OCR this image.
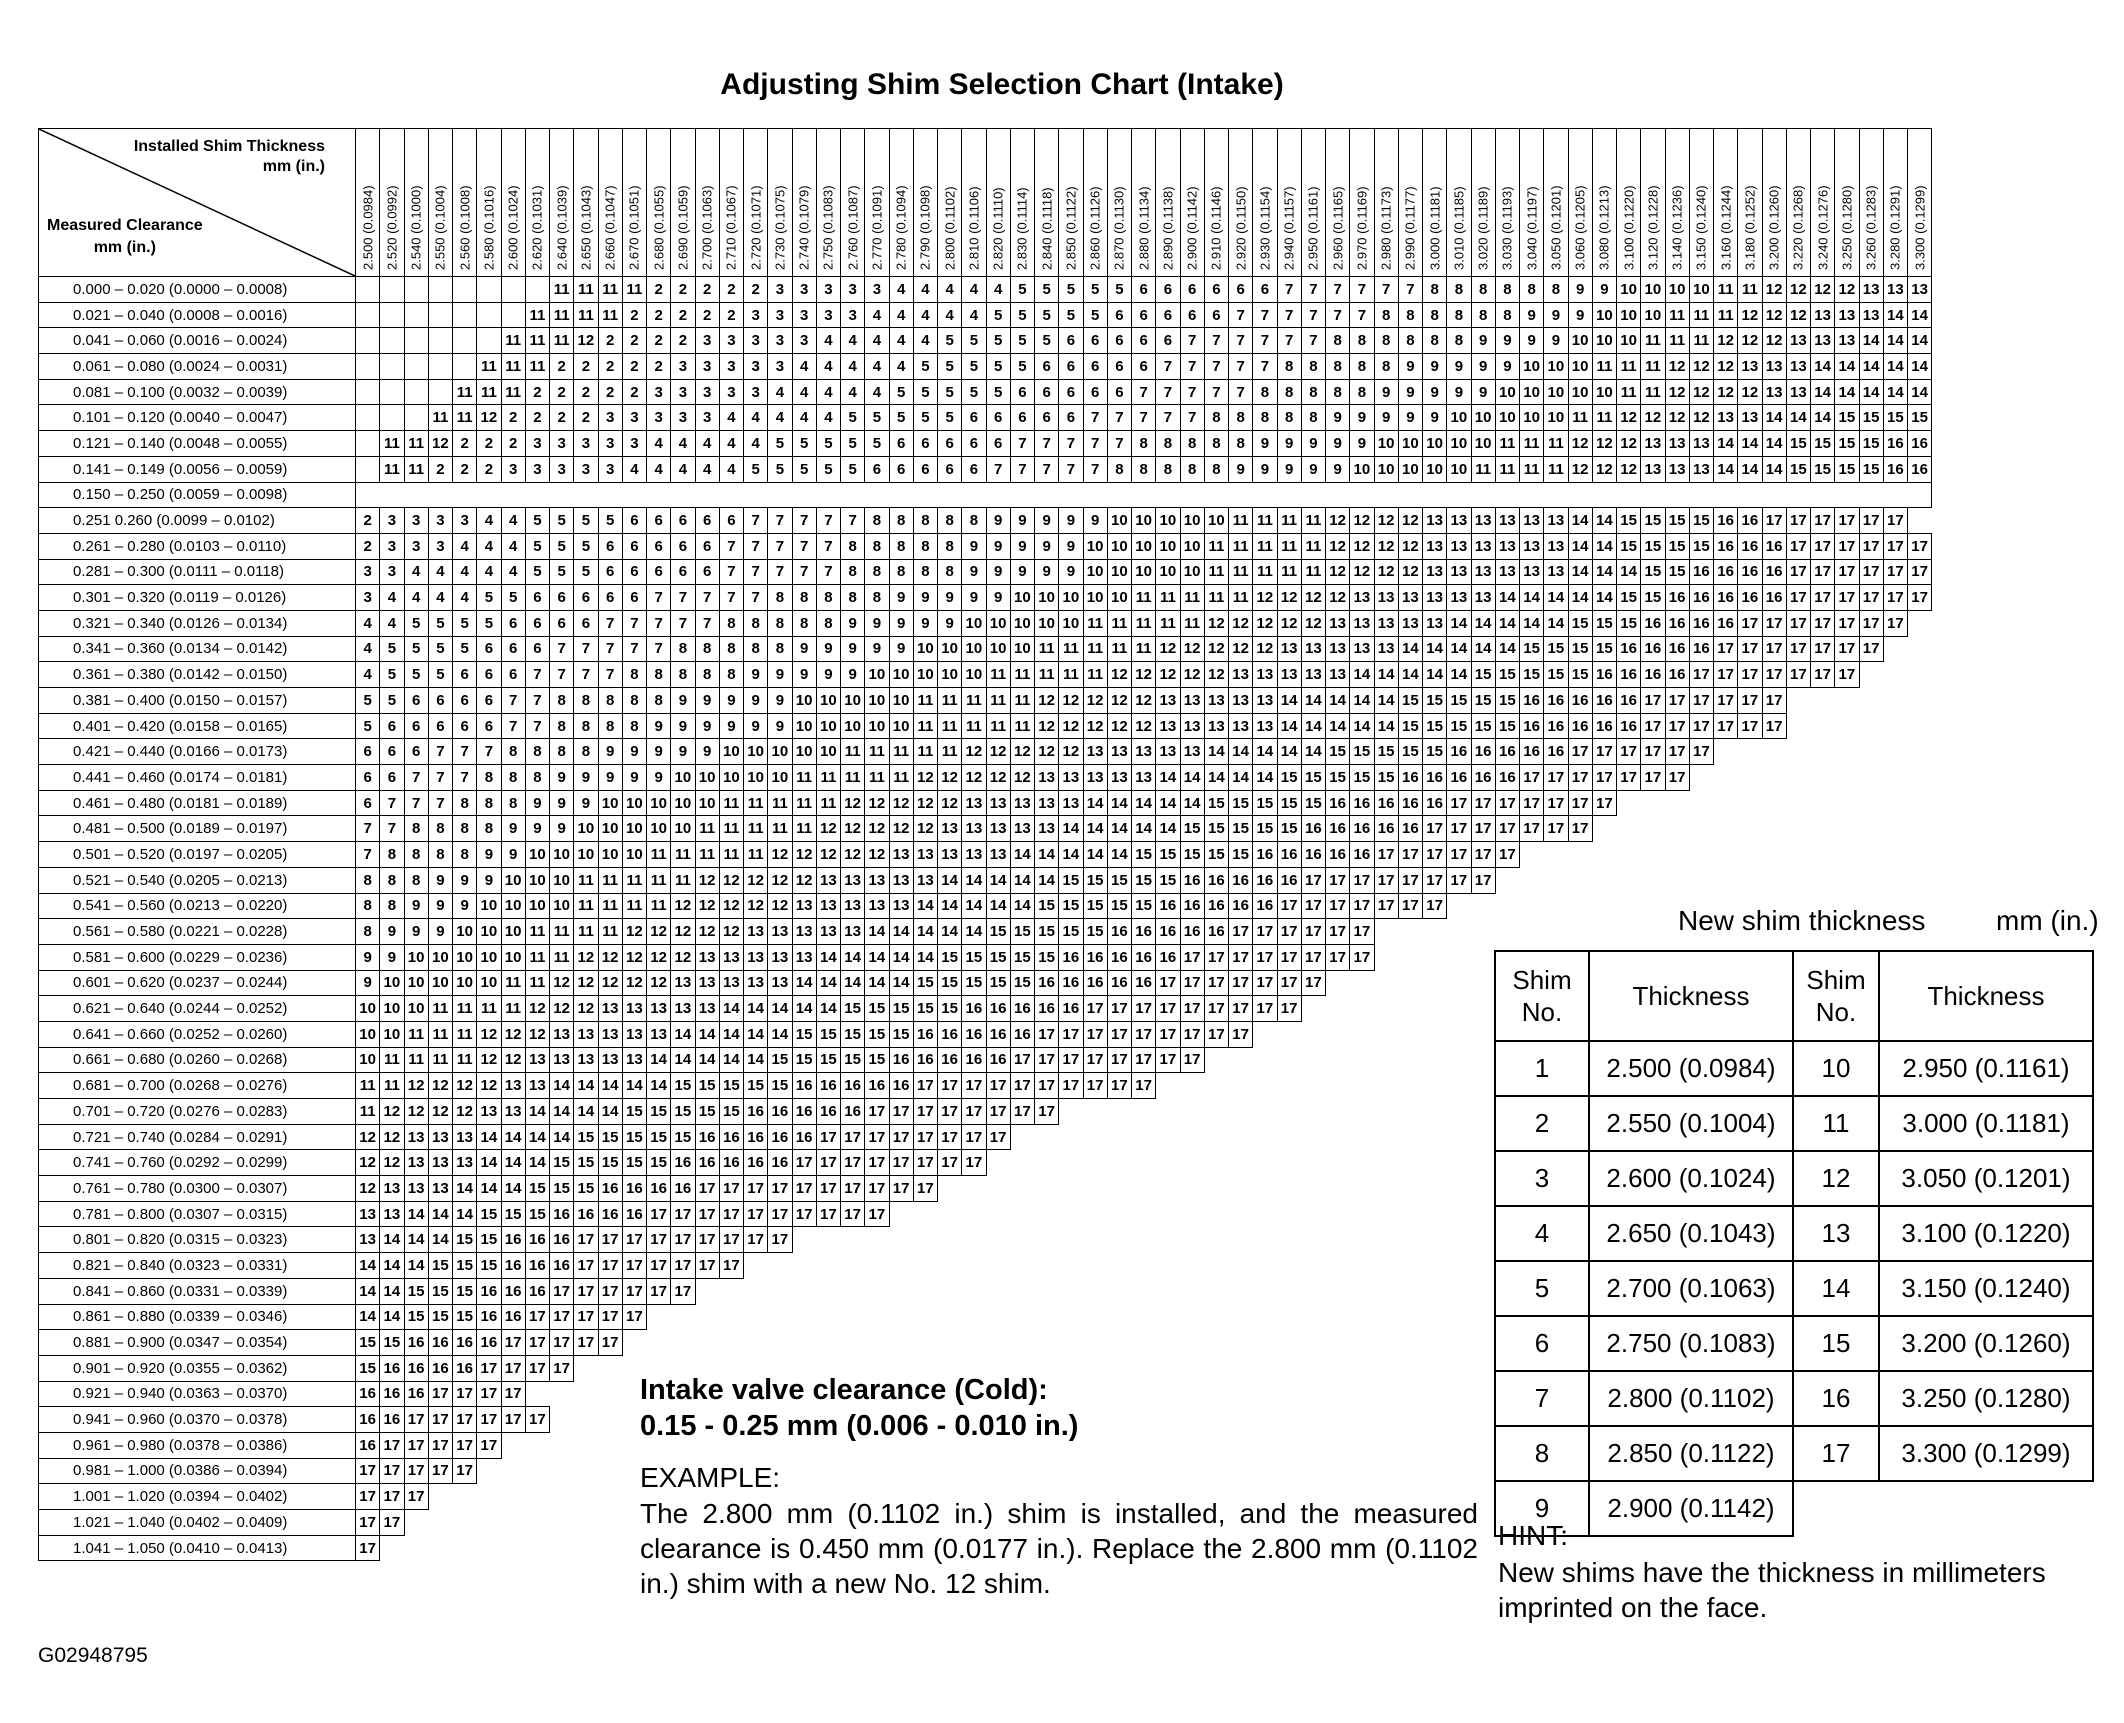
Adjusting Shim Selection Chart (Intake)
Installed Shim Thickness
mm (in.)
Measured Clearance
mm (in.)	2.500 (0.0984)	2.520 (0.0992)	2.540 (0.1000)	2.550 (0.1004)	2.560 (0.1008)	2.580 (0.1016)	2.600 (0.1024)	2.620 (0.1031)	2.640 (0.1039)	2.650 (0.1043)	2.660 (0.1047)	2.670 (0.1051)	2.680 (0.1055)	2.690 (0.1059)	2.700 (0.1063)	2.710 (0.1067)	2.720 (0.1071)	2.730 (0.1075)	2.740 (0.1079)	2.750 (0.1083)	2.760 (0.1087)	2.770 (0.1091)	2.780 (0.1094)	2.790 (0.1098)	2.800 (0.1102)	2.810 (0.1106)	2.820 (0.1110)	2.830 (0.1114)	2.840 (0.1118)	2.850 (0.1122)	2.860 (0.1126)	2.870 (0.1130)	2.880 (0.1134)	2.890 (0.1138)	2.900 (0.1142)	2.910 (0.1146)	2.920 (0.1150)	2.930 (0.1154)	2.940 (0.1157)	2.950 (0.1161)	2.960 (0.1165)	2.970 (0.1169)	2.980 (0.1173)	2.990 (0.1177)	3.000 (0.1181)	3.010 (0.1185)	3.020 (0.1189)	3.030 (0.1193)	3.040 (0.1197)	3.050 (0.1201)	3.060 (0.1205)	3.080 (0.1213)	3.100 (0.1220)	3.120 (0.1228)	3.140 (0.1236)	3.150 (0.1240)	3.160 (0.1244)	3.180 (0.1252)	3.200 (0.1260)	3.220 (0.1268)	3.240 (0.1276)	3.250 (0.1280)	3.260 (0.1283)	3.280 (0.1291)	3.300 (0.1299)

0.000 – 0.020 (0.0000 – 0.0008)									11	11	11	11	2	2	2	2	2	3	3	3	3	3	4	4	4	4	4	5	5	5	5	5	6	6	6	6	6	6	7	7	7	7	7	7	8	8	8	8	8	8	9	9	10	10	10	10	11	11	12	12	12	12	13	13	13
0.021 – 0.040 (0.0008 – 0.0016)								11	11	11	11	2	2	2	2	2	3	3	3	3	3	4	4	4	4	4	5	5	5	5	5	6	6	6	6	6	7	7	7	7	7	7	8	8	8	8	8	8	9	9	9	10	10	10	11	11	11	12	12	12	13	13	13	14	14
0.041 – 0.060 (0.0016 – 0.0024)							11	11	11	12	2	2	2	2	3	3	3	3	3	4	4	4	4	4	5	5	5	5	5	6	6	6	6	6	7	7	7	7	7	7	8	8	8	8	8	8	9	9	9	9	10	10	10	11	11	11	12	12	12	13	13	13	14	14	14
0.061 – 0.080 (0.0024 – 0.0031)						11	11	11	2	2	2	2	2	3	3	3	3	3	4	4	4	4	4	5	5	5	5	5	6	6	6	6	6	7	7	7	7	7	8	8	8	8	8	9	9	9	9	9	10	10	10	11	11	11	12	12	12	13	13	13	14	14	14	14	14
0.081 – 0.100 (0.0032 – 0.0039)					11	11	11	2	2	2	2	2	3	3	3	3	3	4	4	4	4	4	5	5	5	5	5	6	6	6	6	6	7	7	7	7	7	8	8	8	8	8	9	9	9	9	9	10	10	10	10	10	11	11	12	12	12	12	13	13	14	14	14	14	14
0.101 – 0.120 (0.0040 – 0.0047)				11	11	12	2	2	2	2	3	3	3	3	3	4	4	4	4	4	5	5	5	5	5	6	6	6	6	6	7	7	7	7	7	8	8	8	8	8	9	9	9	9	9	10	10	10	10	10	11	11	12	12	12	12	13	13	14	14	14	15	15	15	15
0.121 – 0.140 (0.0048 – 0.0055)		11	11	12	2	2	2	3	3	3	3	3	4	4	4	4	4	5	5	5	5	5	6	6	6	6	6	7	7	7	7	7	8	8	8	8	8	9	9	9	9	9	10	10	10	10	10	11	11	11	12	12	12	13	13	13	14	14	14	15	15	15	15	16	16
0.141 – 0.149 (0.0056 – 0.0059)		11	11	2	2	2	3	3	3	3	3	4	4	4	4	4	5	5	5	5	5	6	6	6	6	6	7	7	7	7	7	8	8	8	8	8	9	9	9	9	9	10	10	10	10	10	11	11	11	11	12	12	12	13	13	13	14	14	14	15	15	15	15	16	16
0.150 – 0.250 (0.0059 – 0.0098)	
0.251 0.260 (0.0099 – 0.0102)	2	3	3	3	3	4	4	5	5	5	5	6	6	6	6	6	7	7	7	7	7	8	8	8	8	8	9	9	9	9	9	10	10	10	10	10	11	11	11	11	12	12	12	12	13	13	13	13	13	13	14	14	15	15	15	15	16	16	17	17	17	17	17	17	
0.261 – 0.280 (0.0103 – 0.0110)	2	3	3	3	4	4	4	5	5	5	6	6	6	6	6	7	7	7	7	7	8	8	8	8	8	9	9	9	9	9	10	10	10	10	10	11	11	11	11	11	12	12	12	12	13	13	13	13	13	13	14	14	15	15	15	15	16	16	16	17	17	17	17	17	17
0.281 – 0.300 (0.0111 – 0.0118)	3	3	4	4	4	4	4	5	5	5	6	6	6	6	6	7	7	7	7	7	8	8	8	8	8	9	9	9	9	9	10	10	10	10	10	11	11	11	11	11	12	12	12	12	13	13	13	13	13	13	14	14	14	15	15	16	16	16	16	17	17	17	17	17	17
0.301 – 0.320 (0.0119 – 0.0126)	3	4	4	4	4	5	5	6	6	6	6	6	7	7	7	7	7	8	8	8	8	8	9	9	9	9	9	10	10	10	10	10	11	11	11	11	11	12	12	12	12	13	13	13	13	13	13	14	14	14	14	14	15	15	16	16	16	16	16	17	17	17	17	17	17
0.321 – 0.340 (0.0126 – 0.0134)	4	4	5	5	5	5	6	6	6	6	7	7	7	7	7	8	8	8	8	8	9	9	9	9	9	10	10	10	10	10	11	11	11	11	11	12	12	12	12	12	13	13	13	13	13	14	14	14	14	14	15	15	15	16	16	16	16	17	17	17	17	17	17	17	
0.341 – 0.360 (0.0134 – 0.0142)	4	5	5	5	5	6	6	6	7	7	7	7	7	8	8	8	8	8	9	9	9	9	9	10	10	10	10	10	11	11	11	11	11	12	12	12	12	12	13	13	13	13	13	14	14	14	14	14	15	15	15	15	16	16	16	16	17	17	17	17	17	17	17		
0.361 – 0.380 (0.0142 – 0.0150)	4	5	5	5	6	6	6	7	7	7	7	8	8	8	8	8	9	9	9	9	9	10	10	10	10	10	11	11	11	11	11	12	12	12	12	12	13	13	13	13	13	14	14	14	14	14	15	15	15	15	15	16	16	16	16	17	17	17	17	17	17	17			
0.381 – 0.400 (0.0150 – 0.0157)	5	5	6	6	6	6	7	7	8	8	8	8	8	9	9	9	9	9	10	10	10	10	10	11	11	11	11	11	12	12	12	12	12	13	13	13	13	13	14	14	14	14	14	15	15	15	15	15	16	16	16	16	16	17	17	17	17	17	17						
0.401 – 0.420 (0.0158 – 0.0165)	5	6	6	6	6	6	7	7	8	8	8	8	9	9	9	9	9	9	10	10	10	10	10	11	11	11	11	11	12	12	12	12	12	13	13	13	13	13	14	14	14	14	14	15	15	15	15	15	16	16	16	16	16	17	17	17	17	17	17						
0.421 – 0.440 (0.0166 – 0.0173)	6	6	6	7	7	7	8	8	8	8	9	9	9	9	9	10	10	10	10	10	11	11	11	11	11	12	12	12	12	12	13	13	13	13	13	14	14	14	14	14	15	15	15	15	15	16	16	16	16	16	17	17	17	17	17	17									
0.441 – 0.460 (0.0174 – 0.0181)	6	6	7	7	7	8	8	8	9	9	9	9	9	10	10	10	10	10	11	11	11	11	11	12	12	12	12	12	13	13	13	13	13	14	14	14	14	14	15	15	15	15	15	16	16	16	16	16	17	17	17	17	17	17	17										
0.461 – 0.480 (0.0181 – 0.0189)	6	7	7	7	8	8	8	9	9	9	10	10	10	10	10	11	11	11	11	11	12	12	12	12	12	13	13	13	13	13	14	14	14	14	14	15	15	15	15	15	16	16	16	16	16	17	17	17	17	17	17	17													
0.481 – 0.500 (0.0189 – 0.0197)	7	7	8	8	8	8	9	9	9	10	10	10	10	10	11	11	11	11	11	12	12	12	12	12	13	13	13	13	13	14	14	14	14	14	15	15	15	15	15	16	16	16	16	16	17	17	17	17	17	17	17														
0.501 – 0.520 (0.0197 – 0.0205)	7	8	8	8	8	9	9	10	10	10	10	10	11	11	11	11	11	12	12	12	12	12	13	13	13	13	13	14	14	14	14	14	15	15	15	15	15	16	16	16	16	16	17	17	17	17	17	17																	
0.521 – 0.540 (0.0205 – 0.0213)	8	8	8	9	9	9	10	10	10	11	11	11	11	11	12	12	12	12	12	13	13	13	13	13	14	14	14	14	14	15	15	15	15	15	16	16	16	16	16	17	17	17	17	17	17	17	17																		
0.541 – 0.560 (0.0213 – 0.0220)	8	8	9	9	9	10	10	10	10	11	11	11	11	12	12	12	12	12	13	13	13	13	13	14	14	14	14	14	15	15	15	15	15	16	16	16	16	16	17	17	17	17	17	17	17																				
0.561 – 0.580 (0.0221 – 0.0228)	8	9	9	9	10	10	10	11	11	11	11	12	12	12	12	12	13	13	13	13	13	14	14	14	14	14	15	15	15	15	15	16	16	16	16	16	17	17	17	17	17	17																							
0.581 – 0.600 (0.0229 – 0.0236)	9	9	10	10	10	10	10	11	11	12	12	12	12	12	13	13	13	13	13	14	14	14	14	14	15	15	15	15	15	16	16	16	16	16	17	17	17	17	17	17	17	17																							
0.601 – 0.620 (0.0237 – 0.0244)	9	10	10	10	10	10	11	11	12	12	12	12	12	13	13	13	13	13	14	14	14	14	14	15	15	15	15	15	16	16	16	16	16	17	17	17	17	17	17	17																									
0.621 – 0.640 (0.0244 – 0.0252)	10	10	10	11	11	11	11	12	12	12	13	13	13	13	13	14	14	14	14	14	15	15	15	15	15	16	16	16	16	16	17	17	17	17	17	17	17	17	17																										
0.641 – 0.660 (0.0252 – 0.0260)	10	10	11	11	11	12	12	12	13	13	13	13	13	14	14	14	14	14	15	15	15	15	15	16	16	16	16	16	17	17	17	17	17	17	17	17	17																												
0.661 – 0.680 (0.0260 – 0.0268)	10	11	11	11	11	12	12	13	13	13	13	13	14	14	14	14	14	15	15	15	15	15	16	16	16	16	16	17	17	17	17	17	17	17	17																														
0.681 – 0.700 (0.0268 – 0.0276)	11	11	12	12	12	12	13	13	14	14	14	14	14	15	15	15	15	15	16	16	16	16	16	17	17	17	17	17	17	17	17	17	17																																
0.701 – 0.720 (0.0276 – 0.0283)	11	12	12	12	12	13	13	14	14	14	14	15	15	15	15	15	16	16	16	16	16	17	17	17	17	17	17	17	17																																				
0.721 – 0.740 (0.0284 – 0.0291)	12	12	13	13	13	14	14	14	14	15	15	15	15	15	16	16	16	16	16	17	17	17	17	17	17	17	17																																						
0.741 – 0.760 (0.0292 – 0.0299)	12	12	13	13	13	14	14	14	15	15	15	15	15	16	16	16	16	16	17	17	17	17	17	17	17	17																																							
0.761 – 0.780 (0.0300 – 0.0307)	12	13	13	13	14	14	14	15	15	15	16	16	16	16	17	17	17	17	17	17	17	17	17	17																																									
0.781 – 0.800 (0.0307 – 0.0315)	13	13	14	14	14	15	15	15	16	16	16	16	17	17	17	17	17	17	17	17	17	17																																											
0.801 – 0.820 (0.0315 – 0.0323)	13	14	14	14	15	15	16	16	16	17	17	17	17	17	17	17	17	17																																															
0.821 – 0.840 (0.0323 – 0.0331)	14	14	14	15	15	15	16	16	16	17	17	17	17	17	17	17																																																	
0.841 – 0.860 (0.0331 – 0.0339)	14	14	15	15	15	16	16	16	17	17	17	17	17	17																																																			
0.861 – 0.880 (0.0339 – 0.0346)	14	14	15	15	15	16	16	17	17	17	17	17																																																					
0.881 – 0.900 (0.0347 – 0.0354)	15	15	16	16	16	16	17	17	17	17	17																																																						
0.901 – 0.920 (0.0355 – 0.0362)	15	16	16	16	16	17	17	17	17																																																								
0.921 – 0.940 (0.0363 – 0.0370)	16	16	16	17	17	17	17																																																										
0.941 – 0.960 (0.0370 – 0.0378)	16	16	17	17	17	17	17	17																																																									
0.961 – 0.980 (0.0378 – 0.0386)	16	17	17	17	17	17																																																											
0.981 – 1.000 (0.0386 – 0.0394)	17	17	17	17	17																																																												
1.001 – 1.020 (0.0394 – 0.0402)	17	17	17																																																														
1.021 – 1.040 (0.0402 – 0.0409)	17	17																																																															
1.041 – 1.050 (0.0410 – 0.0413)	17																																																																
New shim thickness	mm (in.)
Shim No.	Thickness	Shim No.	Thickness
1	2.500 (0.0984)	10	2.950 (0.1161)
2	2.550 (0.1004)	11	3.000 (0.1181)
3	2.600 (0.1024)	12	3.050 (0.1201)
4	2.650 (0.1043)	13	3.100 (0.1220)
5	2.700 (0.1063)	14	3.150 (0.1240)
6	2.750 (0.1083)	15	3.200 (0.1260)
7	2.800 (0.1102)	16	3.250 (0.1280)
8	2.850 (0.1122)	17	3.300 (0.1299)
9	2.900 (0.1142)		
Intake valve clearance (Cold):
0.15 - 0.25 mm (0.006 - 0.010 in.)
EXAMPLE:
The 2.800 mm (0.1102 in.) shim is installed, and the measured clearance is 0.450 mm (0.0177 in.). Replace the 2.800 mm (0.1102 in.) shim with a new No. 12 shim.
HINT:
New shims have the thickness in millimeters imprinted on the face.
G02948795
